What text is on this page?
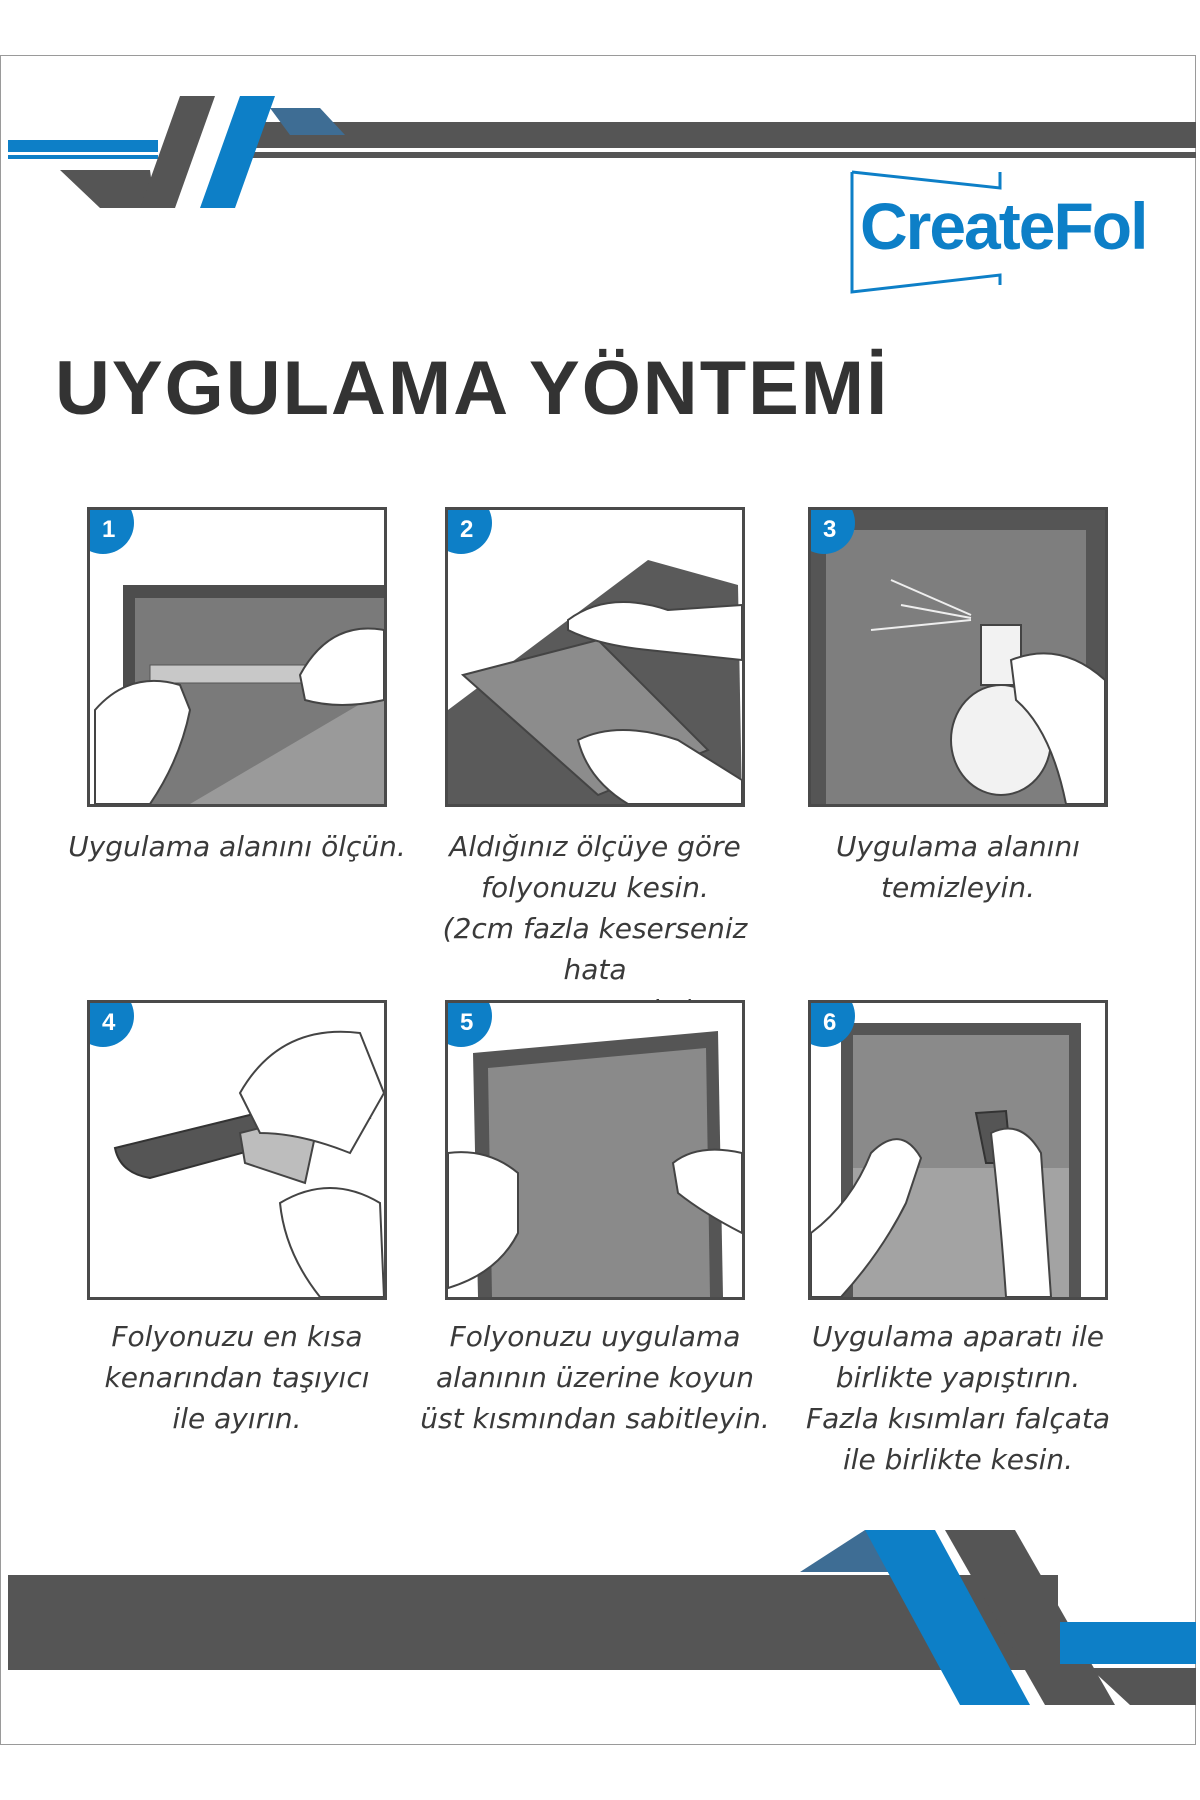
CreateFol
UYGULAMA YÖNTEMİ
1
Uygulama alanını ölçün.
2
Aldığınız ölçüye göre
folyonuzu kesin.
(2cm fazla keserseniz hata
3
Uygulama alanını
temizleyin.
4
Folyonuzu en kısa
kenarından taşıyıcı
ile ayırın.
5
Folyonuzu uygulama
alanının üzerine koyun
üst kısmından sabitleyin.
6
Uygulama aparatı ile
birlikte yapıştırın.
Fazla kısımları falçata
ile birlikte kesin.
